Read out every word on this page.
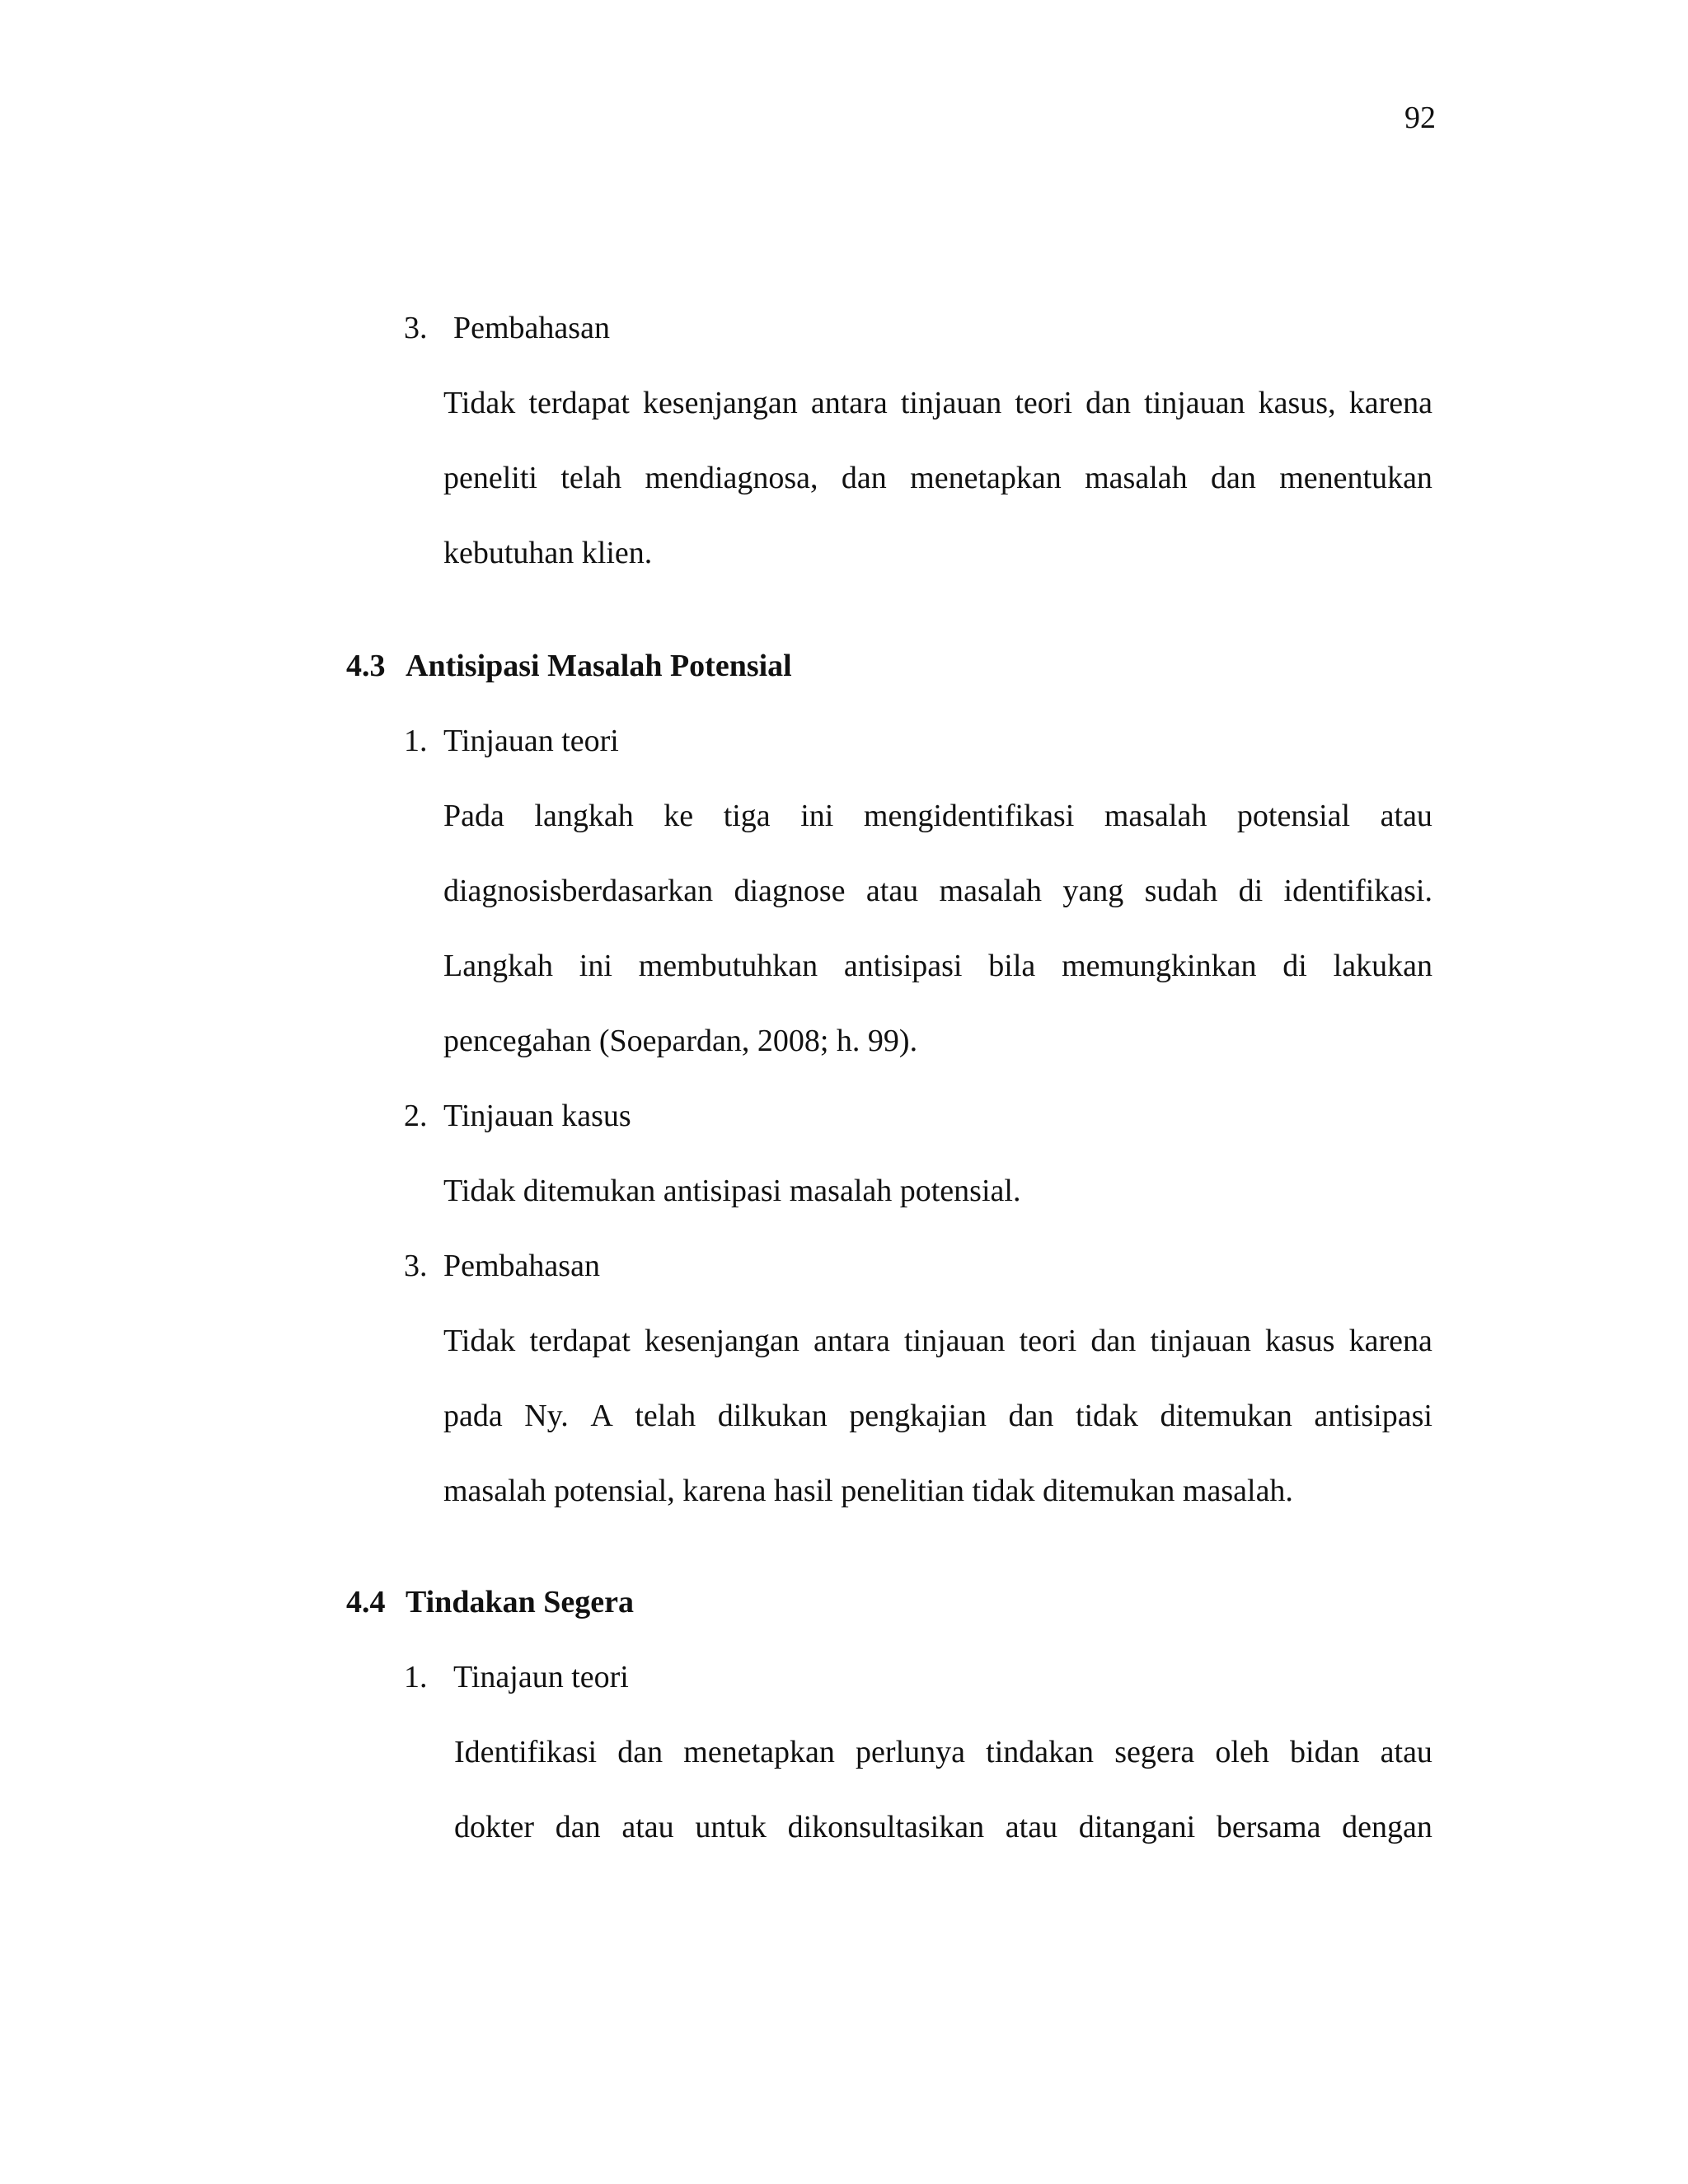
92
3. Pembahasan
Tidak terdapat kesenjangan antara tinjauan teori dan tinjauan kasus, karena
peneliti telah mendiagnosa, dan menetapkan masalah dan menentukan
kebutuhan klien.
4.3 Antisipasi Masalah Potensial
1. Tinjauan teori
Pada langkah ke tiga ini mengidentifikasi masalah potensial atau
diagnosisberdasarkan diagnose atau masalah yang sudah di identifikasi.
Langkah ini membutuhkan antisipasi bila memungkinkan di lakukan
pencegahan (Soepardan, 2008; h. 99).
2. Tinjauan kasus
Tidak ditemukan antisipasi masalah potensial.
3. Pembahasan
Tidak terdapat kesenjangan antara tinjauan teori dan tinjauan kasus karena
pada Ny. A telah dilkukan pengkajian dan tidak ditemukan antisipasi
masalah potensial, karena hasil penelitian tidak ditemukan masalah.
4.4 Tindakan Segera
1. Tinajaun teori
Identifikasi dan menetapkan perlunya tindakan segera oleh bidan atau
dokter dan atau untuk dikonsultasikan atau ditangani bersama dengan
